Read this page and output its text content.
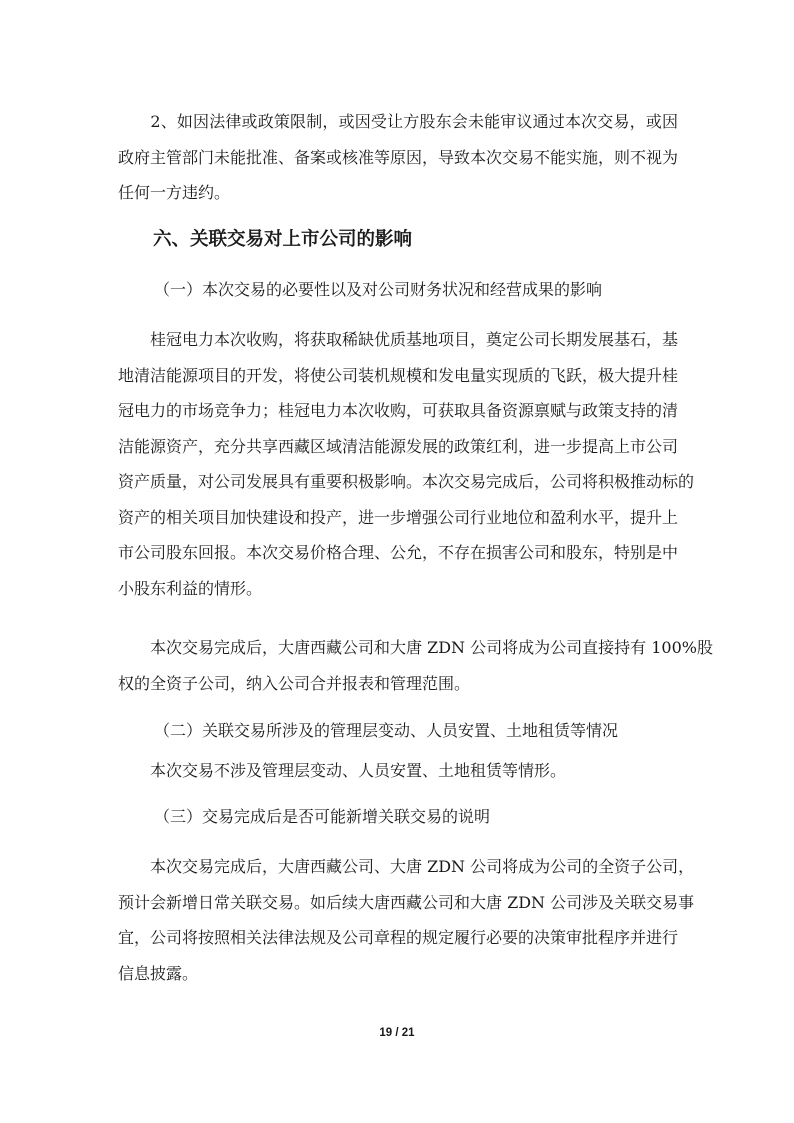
　　2、如因法律或政策限制，或因受让方股东会未能审议通过本次交易，或因
政府主管部门未能批准、备案或核准等原因，导致本次交易不能实施，则不视为
任何一方违约。

六、关联交易对上市公司的影响

（一）本次交易的必要性以及对公司财务状况和经营成果的影响

　　桂冠电力本次收购，将获取稀缺优质基地项目，奠定公司长期发展基石，基
地清洁能源项目的开发，将使公司装机规模和发电量实现质的飞跃，极大提升桂
冠电力的市场竞争力；桂冠电力本次收购，可获取具备资源禀赋与政策支持的清
洁能源资产，充分共享西藏区域清洁能源发展的政策红利，进一步提高上市公司
资产质量，对公司发展具有重要积极影响。本次交易完成后，公司将积极推动标的
资产的相关项目加快建设和投产，进一步增强公司行业地位和盈利水平，提升上
市公司股东回报。本次交易价格合理、公允，不存在损害公司和股东，特别是中
小股东利益的情形。

　　本次交易完成后，大唐西藏公司和大唐 ZDN 公司将成为公司直接持有 100%股
权的全资子公司，纳入公司合并报表和管理范围。

（二）关联交易所涉及的管理层变动、人员安置、土地租赁等情况

　　本次交易不涉及管理层变动、人员安置、土地租赁等情形。

（三）交易完成后是否可能新增关联交易的说明

　　本次交易完成后，大唐西藏公司、大唐 ZDN 公司将成为公司的全资子公司，
预计会新增日常关联交易。如后续大唐西藏公司和大唐 ZDN 公司涉及关联交易事
宜，公司将按照相关法律法规及公司章程的规定履行必要的决策审批程序并进行
信息披露。

19 / 21
